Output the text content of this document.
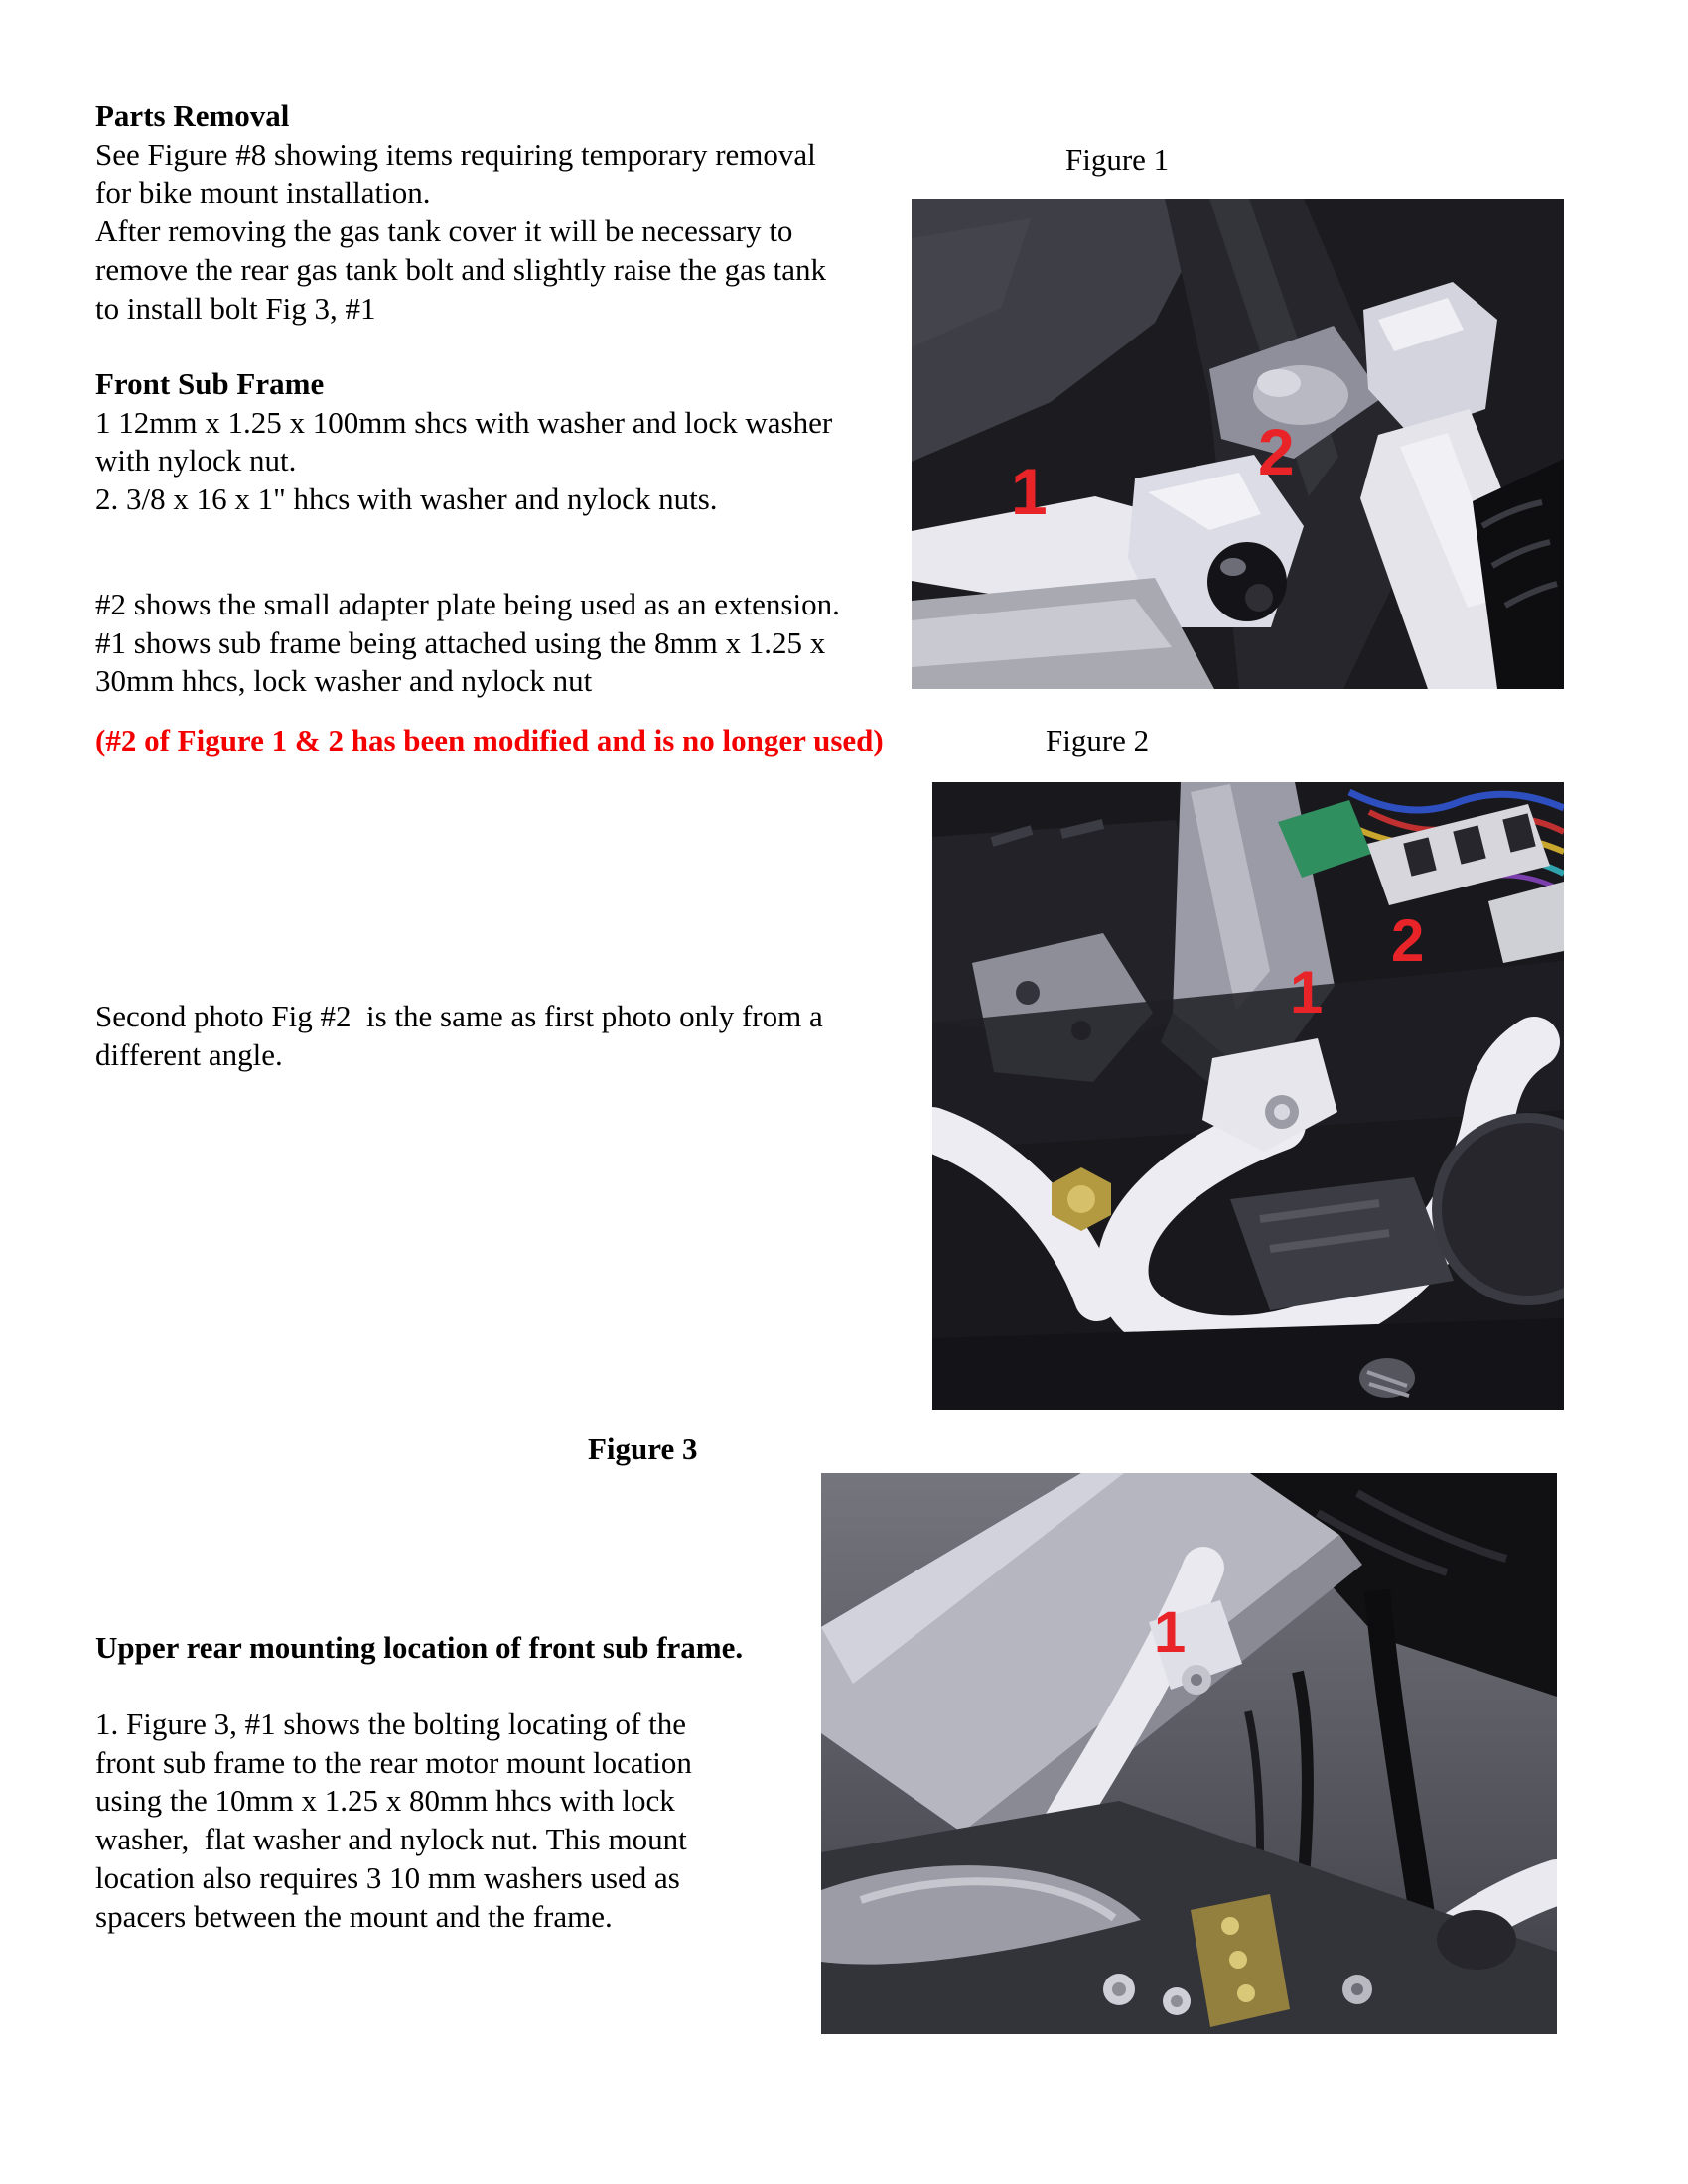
Parts Removal
See Figure #8 showing items requiring temporary removal
for bike mount installation.
After removing the gas tank cover it will be necessary to
remove the rear gas tank bolt and slightly raise the gas tank
to install bolt Fig 3, #1
Figure 1
Front Sub Frame
1 12mm x 1.25 x 100mm shcs with washer and lock washer
with nylock nut.
2. 3/8 x 16 x 1" hhcs with washer and nylock nuts.
#2 shows the small adapter plate being used as an extension.
#1 shows sub frame being attached using the 8mm x 1.25 x
30mm hhcs, lock washer and nylock nut
(#2 of Figure 1 & 2 has been modified and is no longer used)	Figure 2
Second photo Fig #2  is the same as first photo only from a
different angle.
Figure 3
Upper rear mounting location of front sub frame.
1. Figure 3, #1 shows the bolting locating of the
front sub frame to the rear motor mount location
using the 10mm x 1.25 x 80mm hhcs with lock
washer,  flat washer and nylock nut. This mount
location also requires 3 10 mm washers used as
spacers between the mount and the frame.
1
2
1
2
1
